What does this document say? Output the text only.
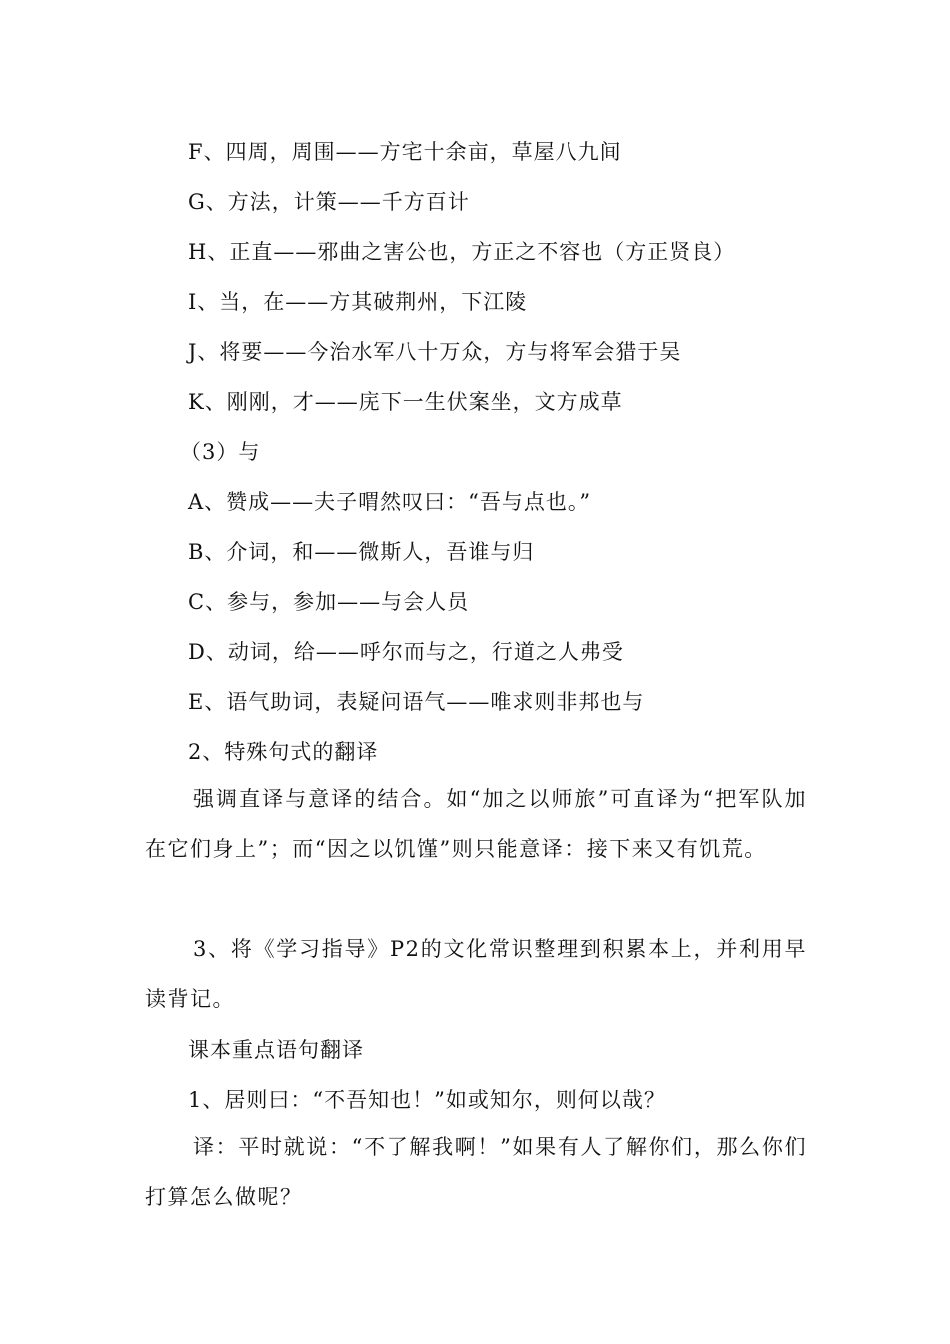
F、四周，周围——方宅十余亩，草屋八九间
G、方法，计策——千方百计
H、正直——邪曲之害公也，方正之不容也（方正贤良）
I、当，在——方其破荆州，下江陵
J、将要——今治水军八十万众，方与将军会猎于吴
K、刚刚，才——庑下一生伏案坐，文方成草
（3）与
A、赞成——夫子喟然叹曰：“吾与点也。”
B、介词，和——微斯人，吾谁与归
C、参与，参加——与会人员
D、动词，给——呼尔而与之，行道之人弗受
E、语气助词，表疑问语气——唯求则非邦也与
2、特殊句式的翻译
强调直译与意译的结合。如“加之以师旅”可直译为“把军队加在它们身上”；而“因之以饥馑”则只能意译：接下来又有饥荒。
3、将《学习指导》P2的文化常识整理到积累本上，并利用早读背记。
课本重点语句翻译
1、居则曰：“不吾知也！”如或知尔，则何以哉？
译：平时就说：“不了解我啊！”如果有人了解你们，那么你们打算怎么做呢？
